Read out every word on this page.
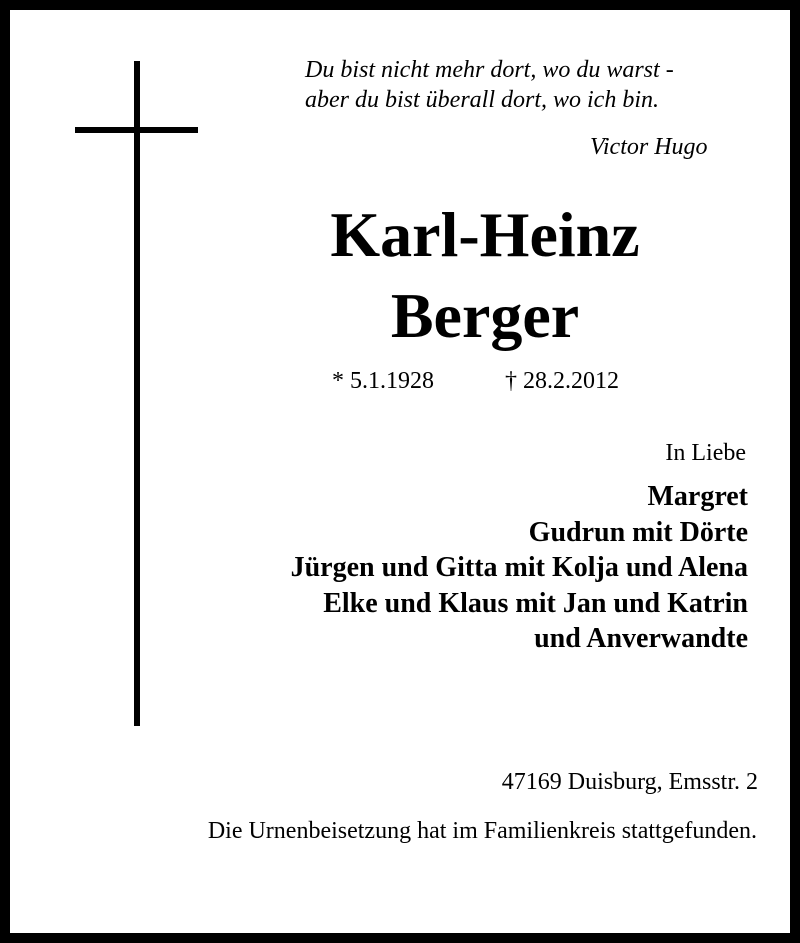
Du bist nicht mehr dort, wo du warst -
aber du bist überall dort, wo ich bin.
Victor Hugo
Karl-Heinz
Berger
* 5.1.1928	† 28.2.2012
In Liebe
Margret
Gudrun mit Dörte
Jürgen und Gitta mit Kolja und Alena
Elke und Klaus mit Jan und Katrin
und Anverwandte
47169 Duisburg, Emsstr. 2
Die Urnenbeisetzung hat im Familienkreis stattgefunden.
